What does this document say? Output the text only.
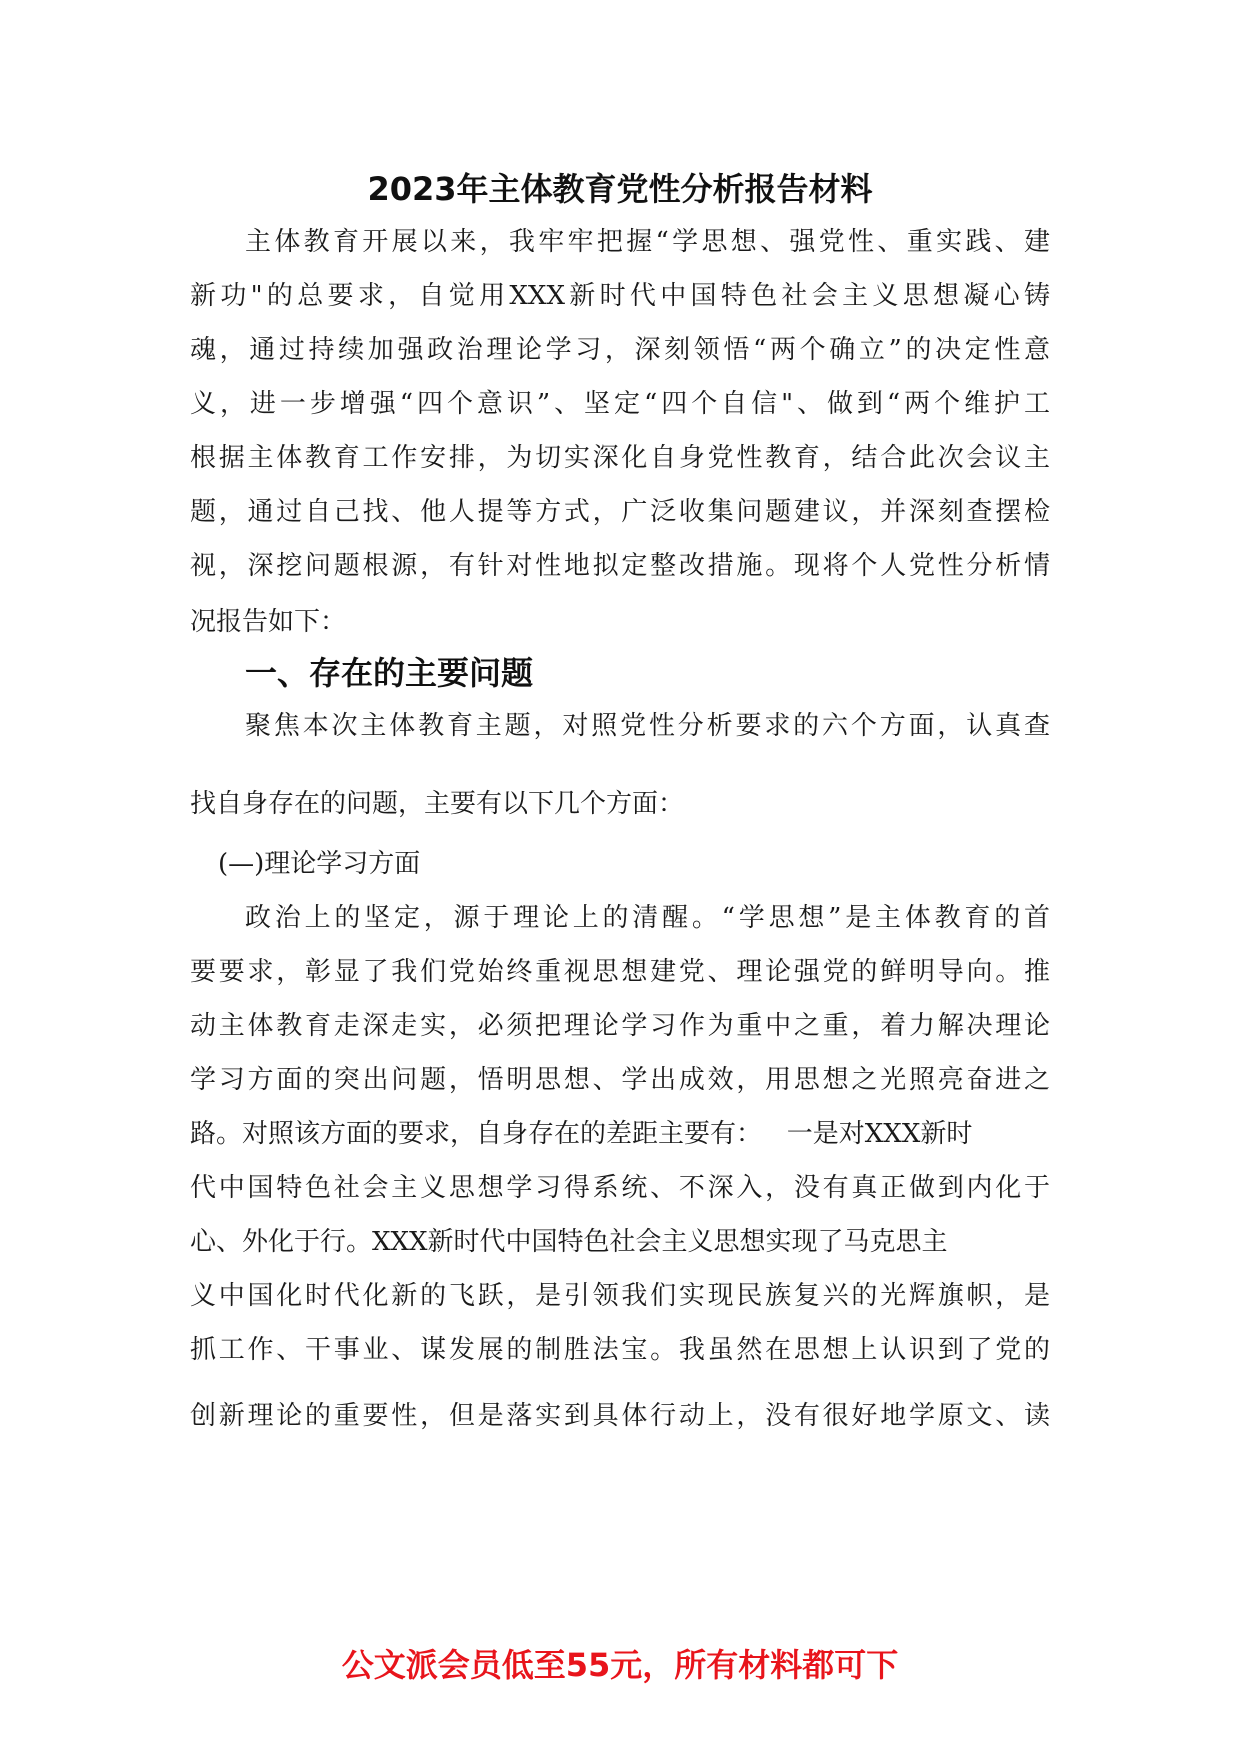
2023年主体教育党性分析报告材料
主体教育开展以来，我牢牢把握“学思想、强党性、重实践、建
新功"的总要求，自觉用XXX新时代中国特色社会主义思想凝心铸
魂，通过持续加强政治理论学习，深刻领悟“两个确立”的决定性意
义，进一步增强“四个意识”、坚定“四个自信"、做到“两个维护工
根据主体教育工作安排，为切实深化自身党性教育，结合此次会议主
题，通过自己找、他人提等方式，广泛收集问题建议，并深刻查摆检
视，深挖问题根源，有针对性地拟定整改措施。现将个人党性分析情
况报告如下：
一、存在的主要问题
聚焦本次主体教育主题，对照党性分析要求的六个方面，认真查
找自身存在的问题，主要有以下几个方面：
(—)理论学习方面
政治上的坚定，源于理论上的清醒。“学思想”是主体教育的首
要要求，彰显了我们党始终重视思想建党、理论强党的鲜明导向。推
动主体教育走深走实，必须把理论学习作为重中之重，着力解决理论
学习方面的突出问题，悟明思想、学出成效，用思想之光照亮奋进之
路。对照该方面的要求，自身存在的差距主要有：   一是对XXX新时
代中国特色社会主义思想学习得系统、不深入，没有真正做到内化于
心、外化于行。XXX新时代中国特色社会主义思想实现了马克思主
义中国化时代化新的飞跃，是引领我们实现民族复兴的光辉旗帜，是
抓工作、干事业、谋发展的制胜法宝。我虽然在思想上认识到了党的
创新理论的重要性，但是落实到具体行动上，没有很好地学原文、读
公文派会员低至55元，所有材料都可下
